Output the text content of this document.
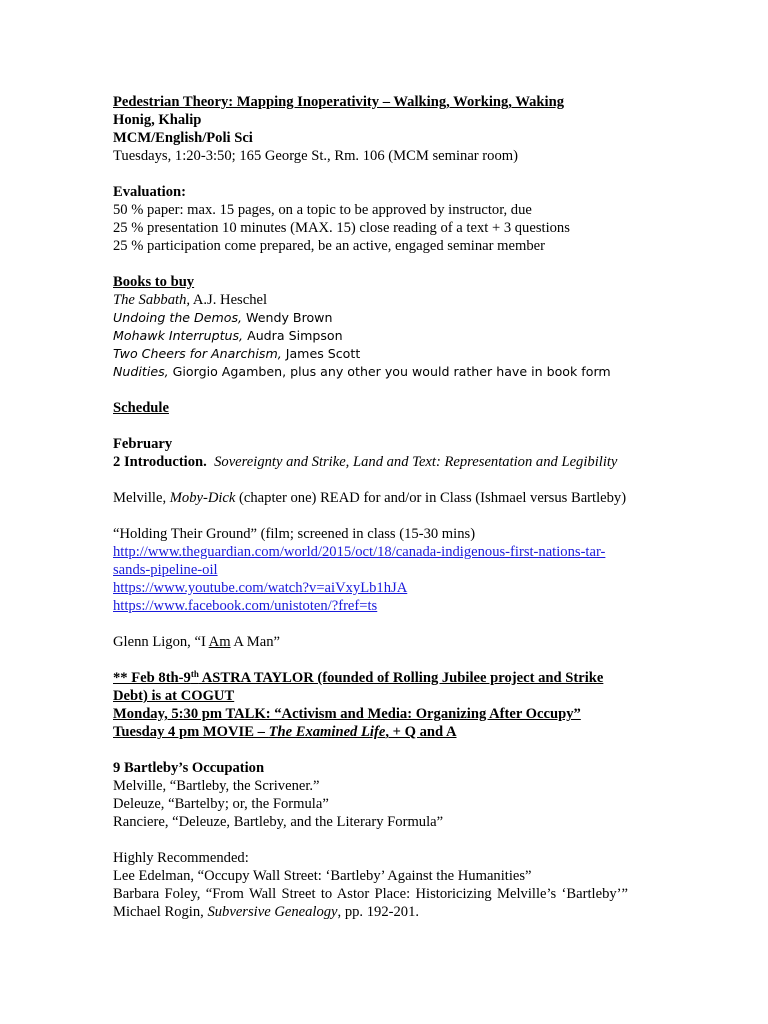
Pedestrian Theory: Mapping Inoperativity – Walking, Working, Waking

Honig, Khalip

MCM/English/Poli Sci

Tuesdays, 1:20-3:50; 165 George St., Rm. 106 (MCM seminar room)

Evaluation:

50 % paper: max. 15 pages, on a topic to be approved by instructor, due

25 % presentation 10 minutes (MAX. 15) close reading of a text + 3 questions

25 % participation come prepared, be an active, engaged seminar member

Books to buy

The Sabbath, A.J. Heschel

Undoing the Demos, Wendy Brown

Mohawk Interruptus, Audra Simpson

Two Cheers for Anarchism, James Scott

Nudities, Giorgio Agamben, plus any other you would rather have in book form

Schedule

February

2 Introduction. Sovereignty and Strike, Land and Text: Representation and Legibility

Melville, Moby-Dick (chapter one) READ for and/or in Class (Ishmael versus Bartleby)

“Holding Their Ground” (film; screened in class (15-30 mins)

http://www.theguardian.com/world/2015/oct/18/canada-indigenous-first-nations-tar-sands-pipeline-oil

https://www.youtube.com/watch?v=aiVxyLb1hJA

https://www.facebook.com/unistoten/?fref=ts

Glenn Ligon, “I Am A Man”

** Feb 8th-9th ASTRA TAYLOR (founded of Rolling Jubilee project and Strike Debt) is at COGUT

Monday, 5:30 pm TALK: “Activism and Media: Organizing After Occupy”

Tuesday 4 pm MOVIE – The Examined Life, + Q and A

9 Bartleby’s Occupation

Melville, “Bartleby, the Scrivener.”

Deleuze, “Bartelby; or, the Formula”

Ranciere, “Deleuze, Bartleby, and the Literary Formula”

Highly Recommended:

Lee Edelman, “Occupy Wall Street: ‘Bartleby’ Against the Humanities”

Barbara Foley, “From Wall Street to Astor Place: Historicizing Melville’s ‘Bartleby’”

Michael Rogin, Subversive Genealogy, pp. 192-201.
